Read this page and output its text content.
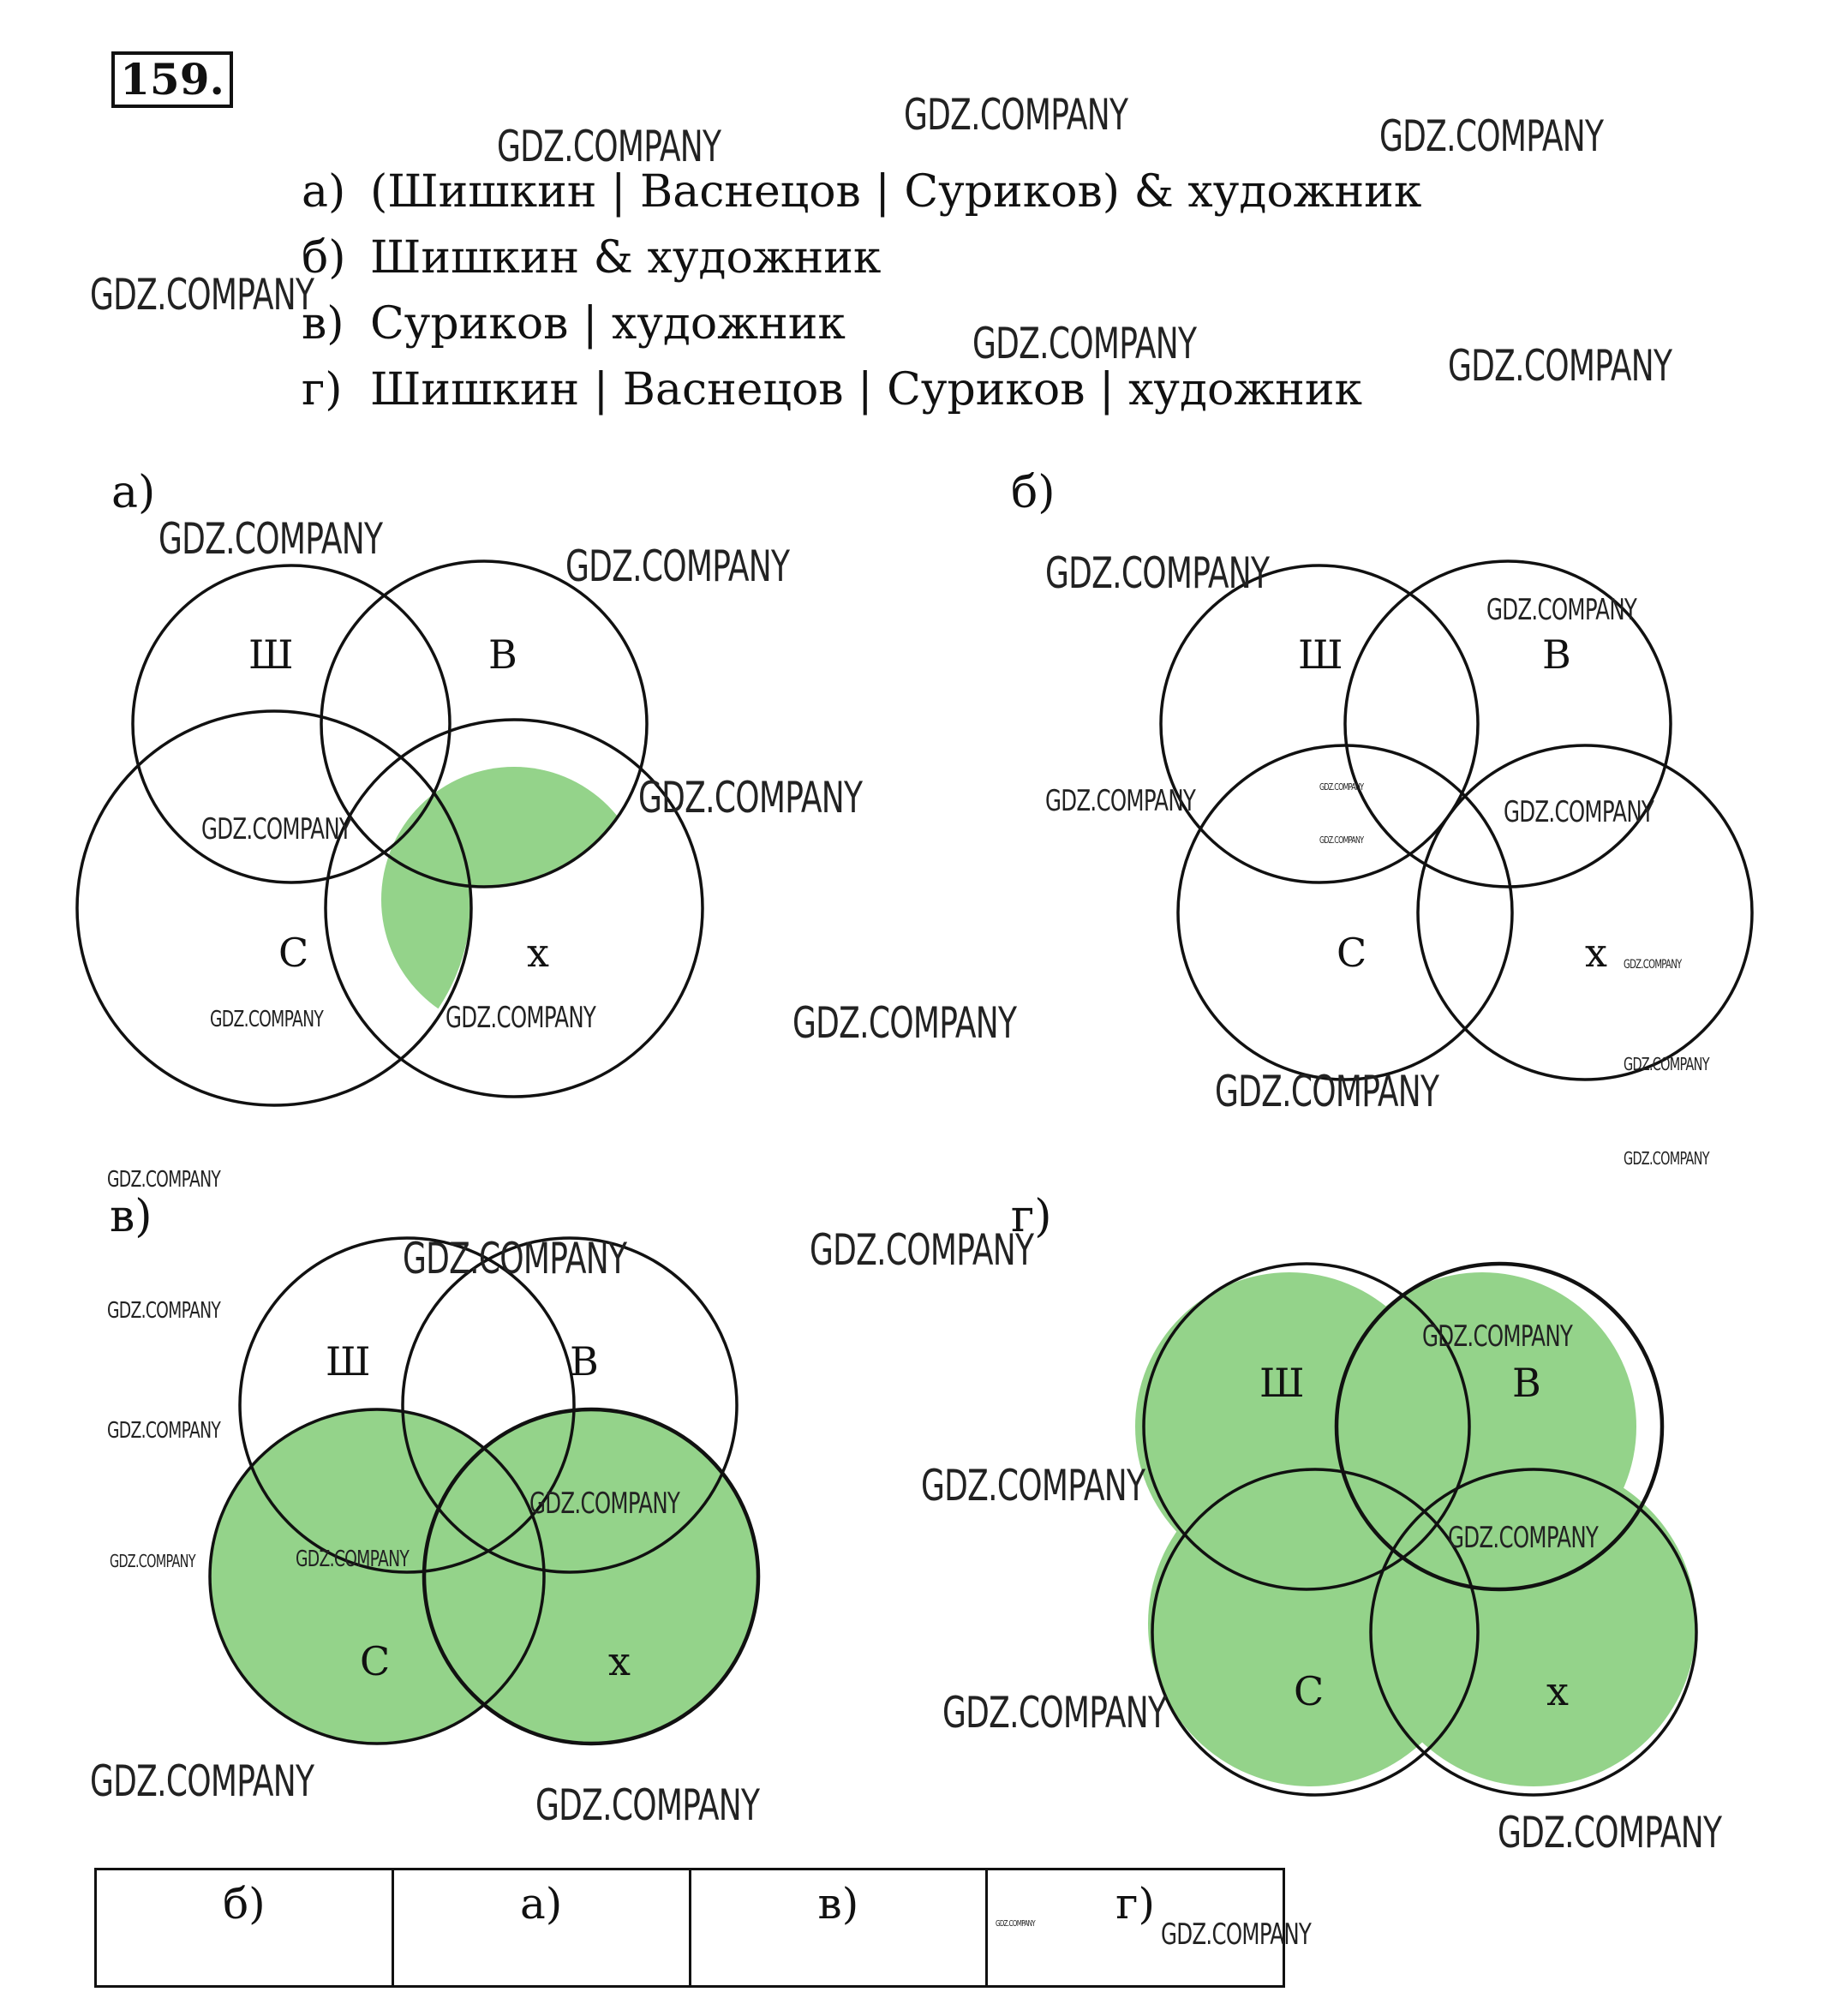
159.
а) (Шишкин | Васнецов | Суриков) & художник
б) Шишкин & художник
в) Суриков | художник
г) Шишкин | Васнецов | Суриков | художник
а)	б)
в)	г)
Ш	В
С	х
Ш	В
С	х
Ш	В
С	х
Ш	В
С	х
б)	а)	в)	г)
GDZ.COMPANY
GDZ.COMPANY	GDZ.COMPANY
GDZ.COMPANY
GDZ.COMPANY	GDZ.COMPANY
GDZ.COMPANY
GDZ.COMPANY	GDZ.COMPANY
GDZ.COMPANY
GDZ.COMPANY
GDZ.COMPANY
GDZ.COMPANY	GDZ.COMPANY
GDZ.COMPANY
GDZ.COMPANY
GDZ.COMPANY
GDZ.COMPANY	GDZ.COMPANY
GDZ.COMPANY
GDZ.COMPANY
GDZ.COMPANY
GDZ.COMPANY
GDZ.COMPANY
GDZ.COMPANY	GDZ.COMPANY
GDZ.COMPANY
GDZ.COMPANY
GDZ.COMPANY
GDZ.COMPANY	GDZ.COMPANY
GDZ.COMPANY	GDZ.COMPANY
GDZ.COMPANY
GDZ.COMPANY
GDZ.COMPANY	GDZ.COMPANY
GDZ.COMPANY
GDZ.COMPANY
GDZ.COMPANY
